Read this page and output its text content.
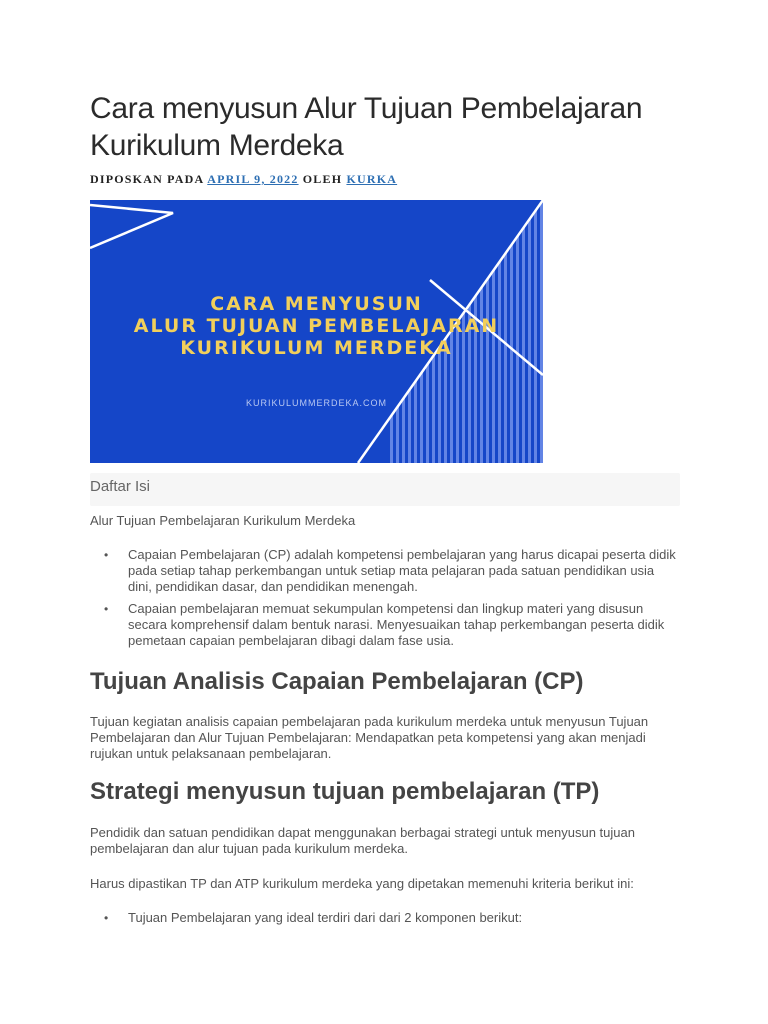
Cara menyusun Alur Tujuan Pembelajaran Kurikulum Merdeka
DIPOSKAN PADA APRIL 9, 2022 OLEH KURKA
CARA MENYUSUN
ALUR TUJUAN PEMBELAJARAN
KURIKULUM MERDEKA
KURIKULUMMERDEKA.COM
Daftar Isi
Alur Tujuan Pembelajaran Kurikulum Merdeka
• Capaian Pembelajaran (CP) adalah kompetensi pembelajaran yang harus dicapai peserta didik pada setiap tahap perkembangan untuk setiap mata pelajaran pada satuan pendidikan usia dini, pendidikan dasar, dan pendidikan menengah.
• Capaian pembelajaran memuat sekumpulan kompetensi dan lingkup materi yang disusun secara komprehensif dalam bentuk narasi. Menyesuaikan tahap perkembangan peserta didik pemetaan capaian pembelajaran dibagi dalam fase usia.
Tujuan Analisis Capaian Pembelajaran (CP)

Tujuan kegiatan analisis capaian pembelajaran pada kurikulum merdeka untuk menyusun Tujuan Pembelajaran dan Alur Tujuan Pembelajaran: Mendapatkan peta kompetensi yang akan menjadi rujukan untuk pelaksanaan pembelajaran.

Strategi menyusun tujuan pembelajaran (TP)

Pendidik dan satuan pendidikan dapat menggunakan berbagai strategi untuk menyusun tujuan pembelajaran dan alur tujuan pada kurikulum merdeka.

Harus dipastikan TP dan ATP kurikulum merdeka yang dipetakan memenuhi kriteria berikut ini:

• Tujuan Pembelajaran yang ideal terdiri dari dari 2 komponen berikut:
